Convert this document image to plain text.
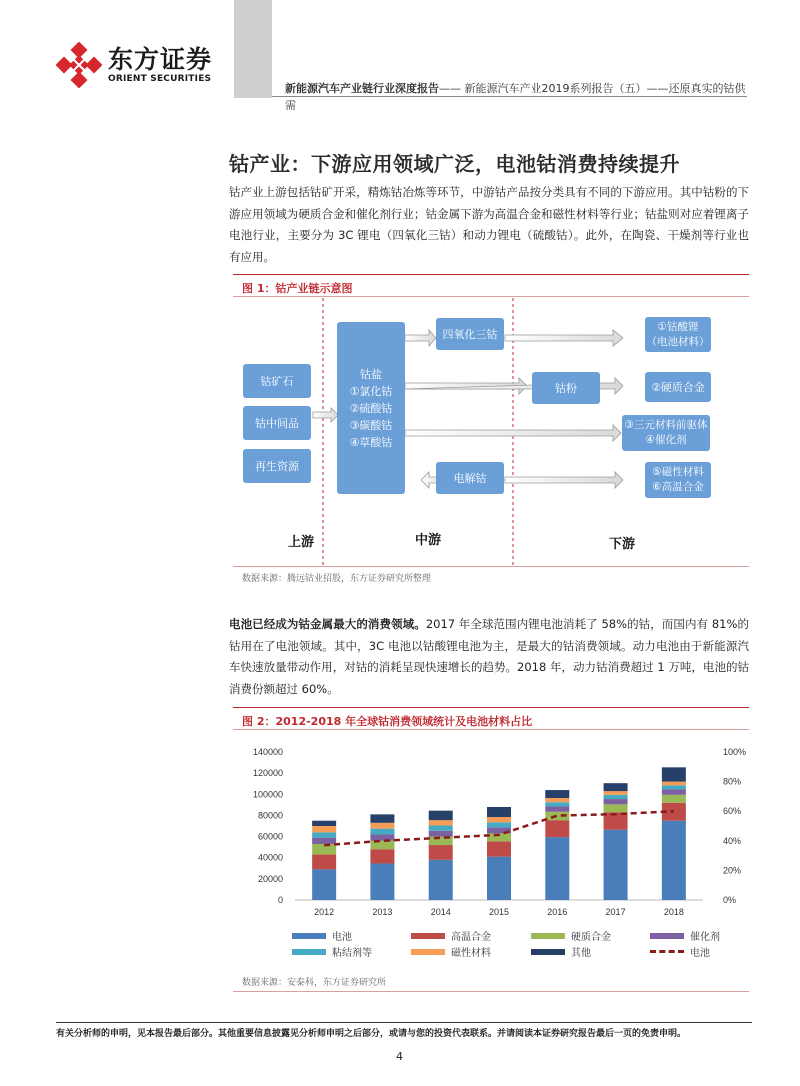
东方证券
ORIENT SECURITIES
新能源汽车产业链行业深度报告—— 新能源汽车产业2019系列报告（五）——还原真实的钴供需
钴产业：下游应用领域广泛，电池钴消费持续提升
钴产业上游包括钴矿开采，精炼钴冶炼等环节，中游钴产品按分类具有不同的下游应用。其中钴粉的下游应用领域为硬质合金和催化剂行业；钴金属下游为高温合金和磁性材料等行业；钴盐则对应着锂离子电池行业，主要分为 3C 锂电（四氧化三钴）和动力锂电（硫酸钴）。此外，在陶瓷、干燥剂等行业也有应用。
图 1：钴产业链示意图
上游	中游	下游
钴矿石
钴中间品
再生资源
钴盐
①氯化钴
②硫酸钴
③碳酸钴
④草酸钴
四氧化三钴
钴粉
电解钴
①钴酸锂
（电池材料）
②硬质合金
③三元材料前驱体
④催化剂
⑤磁性材料
⑥高温合金
数据来源：腾远钴业招股，东方证券研究所整理
电池已经成为钴金属最大的消费领域。2017 年全球范围内锂电池消耗了 58%的钴，而国内有 81%的钴用在了电池领域。其中，3C 电池以钴酸锂电池为主，是最大的钴消费领域。动力电池由于新能源汽车快速放量带动作用，对钴的消耗呈现快速增长的趋势。2018 年，动力钴消费超过 1 万吨，电池的钴消费份额超过 60%。
图 2：2012-2018 年全球钴消费领域统计及电池材料占比
0
20000
40000
60000
80000
100000
120000
140000
0%
20%
40%
60%
80%
100%
2012	2013	2014	2015	2016	2017	2018
电池	高温合金	硬质合金	催化剂
粘结剂等	磁性材料	其他	电池
数据来源：安泰科，东方证券研究所
有关分析师的申明，见本报告最后部分。其他重要信息披露见分析师申明之后部分，或请与您的投资代表联系。并请阅读本证券研究报告最后一页的免责申明。
4
